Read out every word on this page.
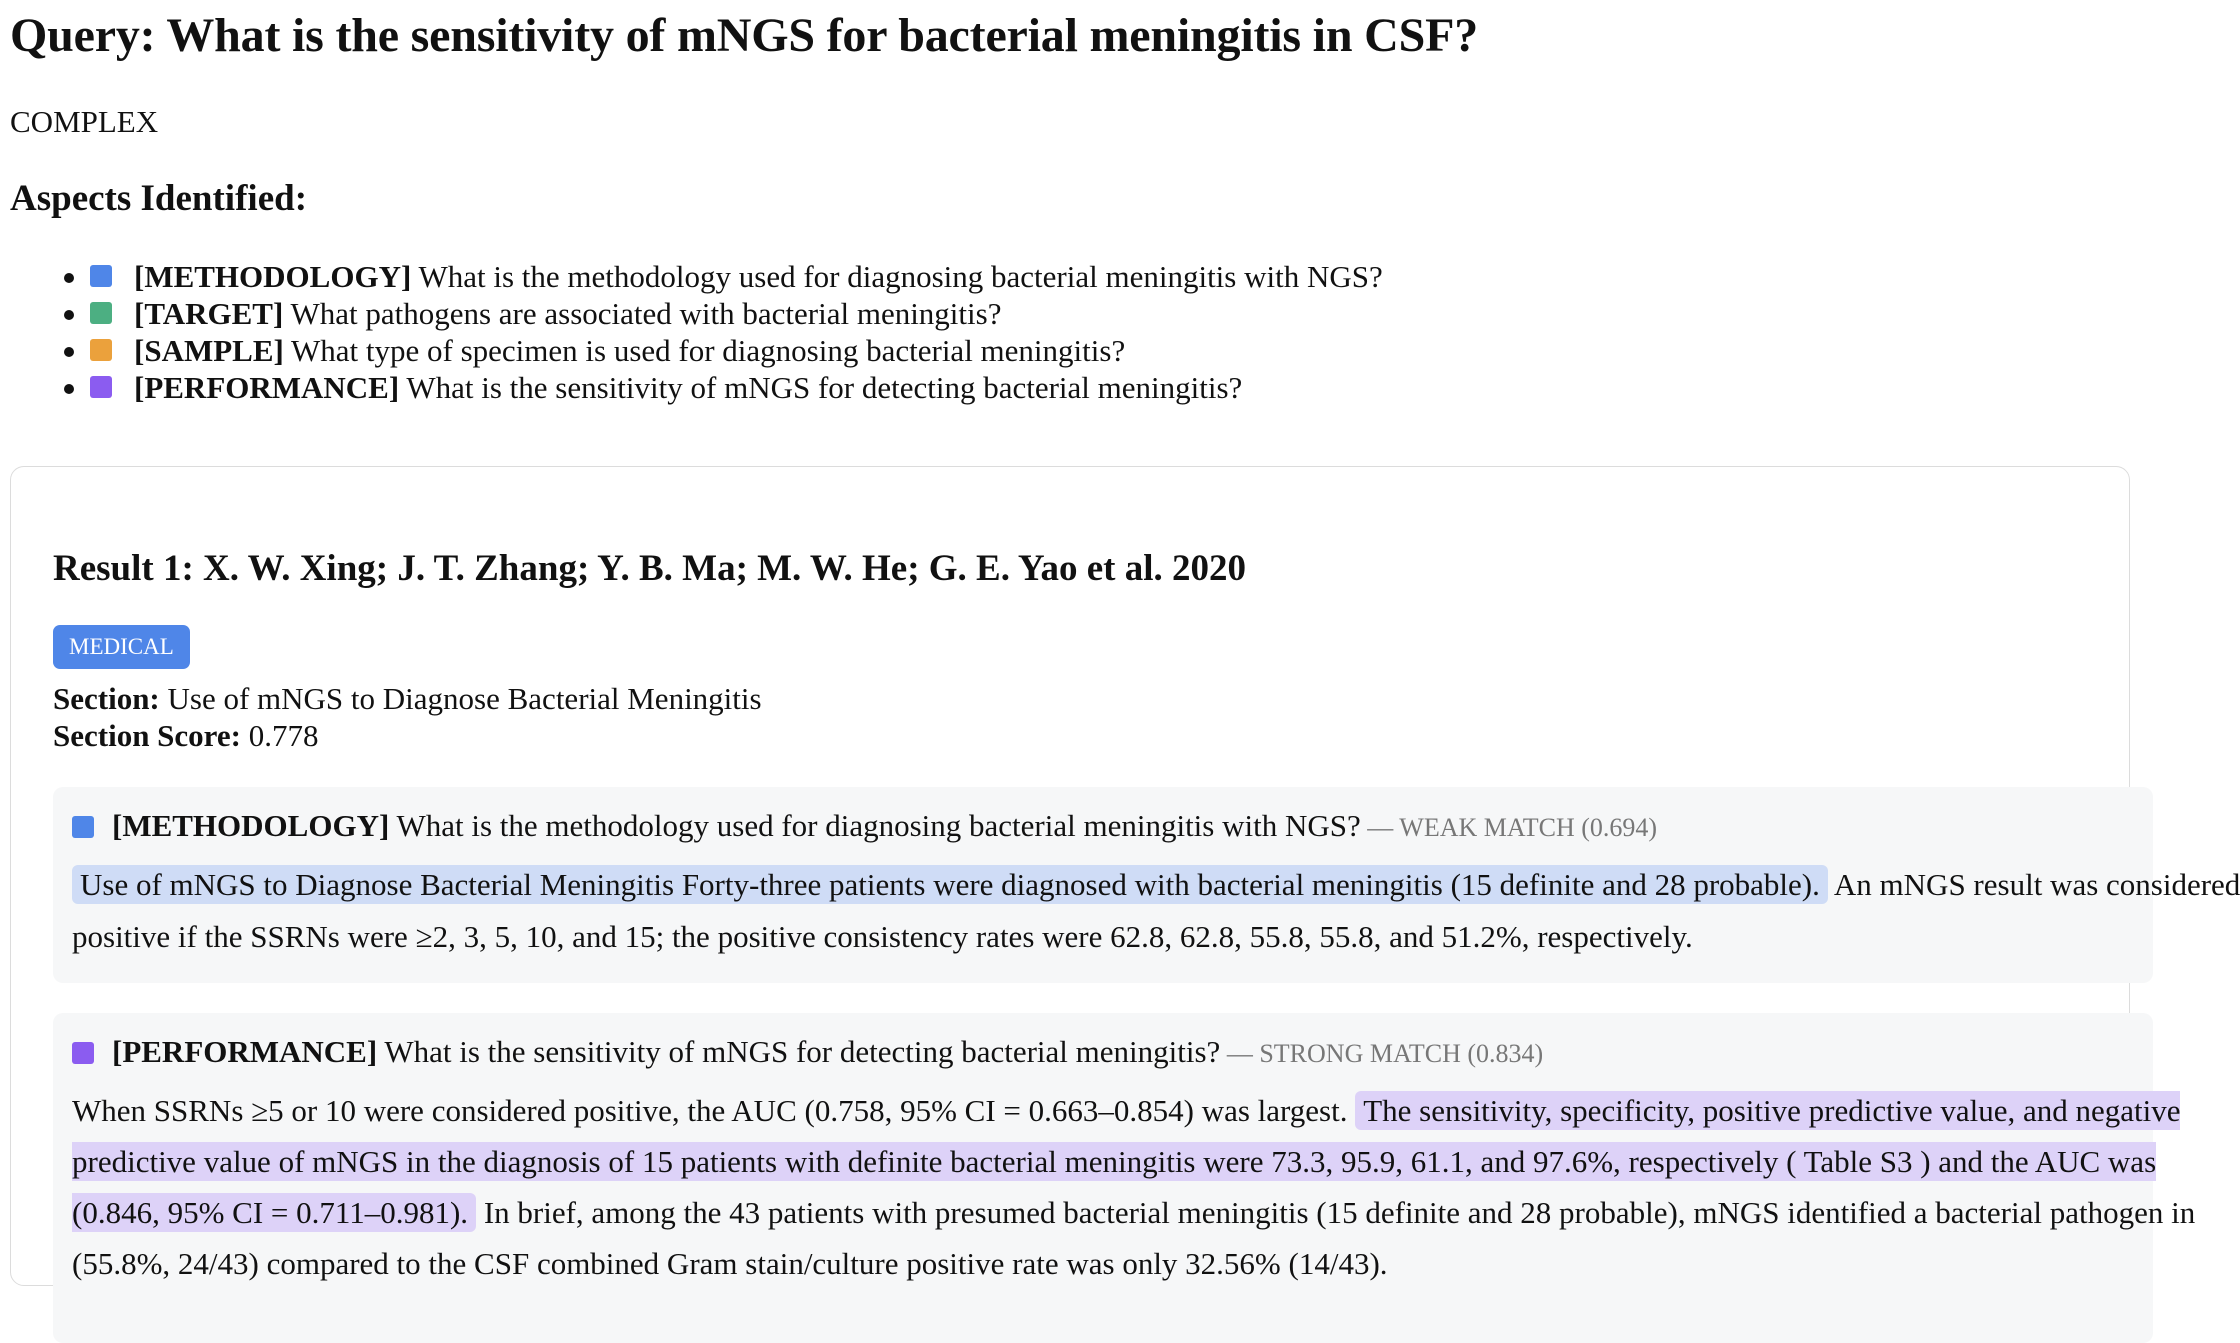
Query: What is the sensitivity of mNGS for bacterial meningitis in CSF?
COMPLEX
Aspects Identified:
[METHODOLOGY] What is the methodology used for diagnosing bacterial meningitis with NGS?
[TARGET] What pathogens are associated with bacterial meningitis?
[SAMPLE] What type of specimen is used for diagnosing bacterial meningitis?
[PERFORMANCE] What is the sensitivity of mNGS for detecting bacterial meningitis?
Result 1: X. W. Xing; J. T. Zhang; Y. B. Ma; M. W. He; G. E. Yao et al. 2020
MEDICAL
Section: Use of mNGS to Diagnose Bacterial Meningitis
Section Score: 0.778
[METHODOLOGY] What is the methodology used for diagnosing bacterial meningitis with NGS? — WEAK MATCH (0.694)
Use of mNGS to Diagnose Bacterial Meningitis Forty-three patients were diagnosed with bacterial meningitis (15 definite and 28 probable). An mNGS result was considered
positive if the SSRNs were ≥2, 3, 5, 10, and 15; the positive consistency rates were 62.8, 62.8, 55.8, 55.8, and 51.2%, respectively.
[PERFORMANCE] What is the sensitivity of mNGS for detecting bacterial meningitis? — STRONG MATCH (0.834)
When SSRNs ≥5 or 10 were considered positive, the AUC (0.758, 95% CI = 0.663–0.854) was largest. The sensitivity, specificity, positive predictive value, and negative
predictive value of mNGS in the diagnosis of 15 patients with definite bacterial meningitis were 73.3, 95.9, 61.1, and 97.6%, respectively ( Table S3 ) and the AUC was
(0.846, 95% CI = 0.711–0.981). In brief, among the 43 patients with presumed bacterial meningitis (15 definite and 28 probable), mNGS identified a bacterial pathogen in
(55.8%, 24/43) compared to the CSF combined Gram stain/culture positive rate was only 32.56% (14/43).
